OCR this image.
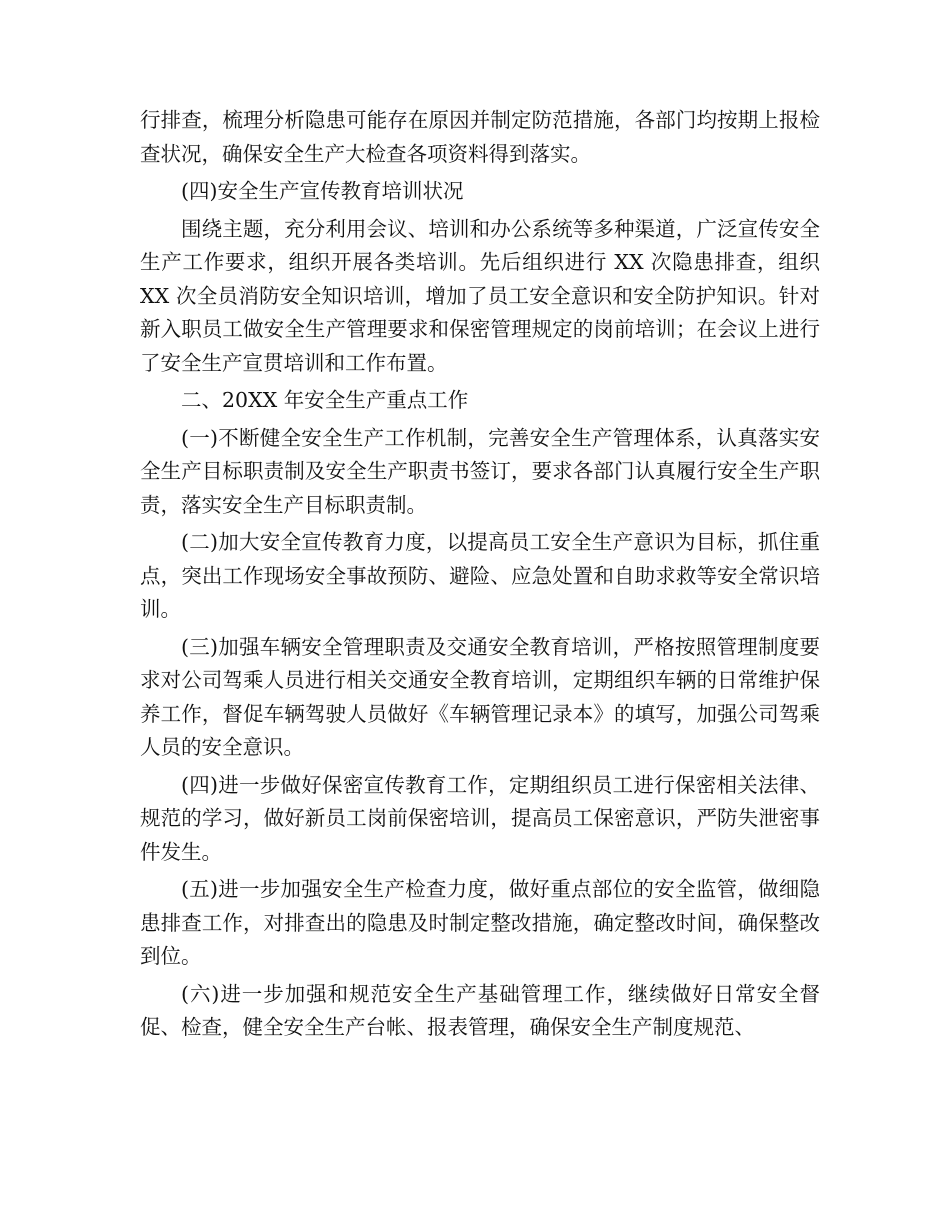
行排查，梳理分析隐患可能存在原因并制定防范措施，各部门均按期上报检查状况，确保安全生产大检查各项资料得到落实。

(四)安全生产宣传教育培训状况

围绕主题，充分利用会议、培训和办公系统等多种渠道，广泛宣传安全生产工作要求，组织开展各类培训。先后组织进行 XX 次隐患排查，组织 XX 次全员消防安全知识培训，增加了员工安全意识和安全防护知识。针对新入职员工做安全生产管理要求和保密管理规定的岗前培训；在会议上进行了安全生产宣贯培训和工作布置。

二、20XX 年安全生产重点工作

(一)不断健全安全生产工作机制，完善安全生产管理体系，认真落实安全生产目标职责制及安全生产职责书签订，要求各部门认真履行安全生产职责，落实安全生产目标职责制。

(二)加大安全宣传教育力度，以提高员工安全生产意识为目标，抓住重点，突出工作现场安全事故预防、避险、应急处置和自助求救等安全常识培训。

(三)加强车辆安全管理职责及交通安全教育培训，严格按照管理制度要求对公司驾乘人员进行相关交通安全教育培训，定期组织车辆的日常维护保养工作，督促车辆驾驶人员做好《车辆管理记录本》的填写，加强公司驾乘人员的安全意识。

(四)进一步做好保密宣传教育工作，定期组织员工进行保密相关法律、规范的学习，做好新员工岗前保密培训，提高员工保密意识，严防失泄密事件发生。

(五)进一步加强安全生产检查力度，做好重点部位的安全监管，做细隐患排查工作，对排查出的隐患及时制定整改措施，确定整改时间，确保整改到位。

(六)进一步加强和规范安全生产基础管理工作，继续做好日常安全督促、检查，健全安全生产台帐、报表管理，确保安全生产制度规范、
